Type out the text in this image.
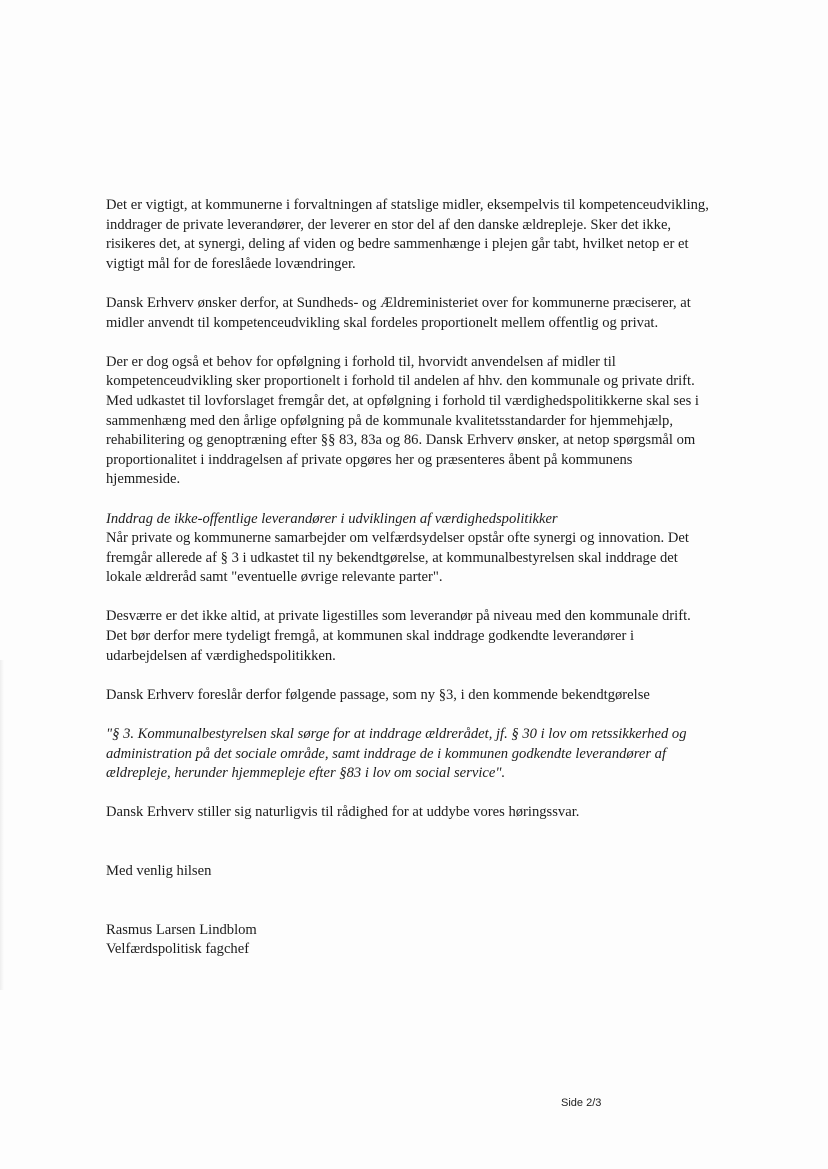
Det er vigtigt, at kommunerne i forvaltningen af statslige midler, eksempelvis til kompetenceudvikling, inddrager de private leverandører, der leverer en stor del af den danske ældrepleje. Sker det ikke, risikeres det, at synergi, deling af viden og bedre sammenhænge i plejen går tabt, hvilket netop er et vigtigt mål for de foreslåede lovændringer.

Dansk Erhverv ønsker derfor, at Sundheds- og Ældreministeriet over for kommunerne præciserer, at midler anvendt til kompetenceudvikling skal fordeles proportionelt mellem offentlig og privat.

Der er dog også et behov for opfølgning i forhold til, hvorvidt anvendelsen af midler til kompetenceudvikling sker proportionelt i forhold til andelen af hhv. den kommunale og private drift. Med udkastet til lovforslaget fremgår det, at opfølgning i forhold til værdighedspolitikkerne skal ses i sammenhæng med den årlige opfølgning på de kommunale kvalitetsstandarder for hjemmehjælp, rehabilitering og genoptræning efter §§ 83, 83a og 86. Dansk Erhverv ønsker, at netop spørgsmål om proportionalitet i inddragelsen af private opgøres her og præsenteres åbent på kommunens hjemmeside.

Inddrag de ikke-offentlige leverandører i udviklingen af værdighedspolitikker
Når private og kommunerne samarbejder om velfærdsydelser opstår ofte synergi og innovation. Det fremgår allerede af § 3 i udkastet til ny bekendtgørelse, at kommunalbestyrelsen skal inddrage det lokale ældreråd samt "eventuelle øvrige relevante parter".

Desværre er det ikke altid, at private ligestilles som leverandør på niveau med den kommunale drift. Det bør derfor mere tydeligt fremgå, at kommunen skal inddrage godkendte leverandører i udarbejdelsen af værdighedspolitikken.

Dansk Erhverv foreslår derfor følgende passage, som ny §3, i den kommende bekendtgørelse

"§ 3. Kommunalbestyrelsen skal sørge for at inddrage ældrerådet, jf. § 30 i lov om retssikkerhed og administration på det sociale område, samt inddrage de i kommunen godkendte leverandører af ældrepleje, herunder hjemmepleje efter §83 i lov om social service".

Dansk Erhverv stiller sig naturligvis til rådighed for at uddybe vores høringssvar.

Med venlig hilsen
Rasmus Larsen Lindblom
Velfærdspolitisk fagchef
Side 2/3
